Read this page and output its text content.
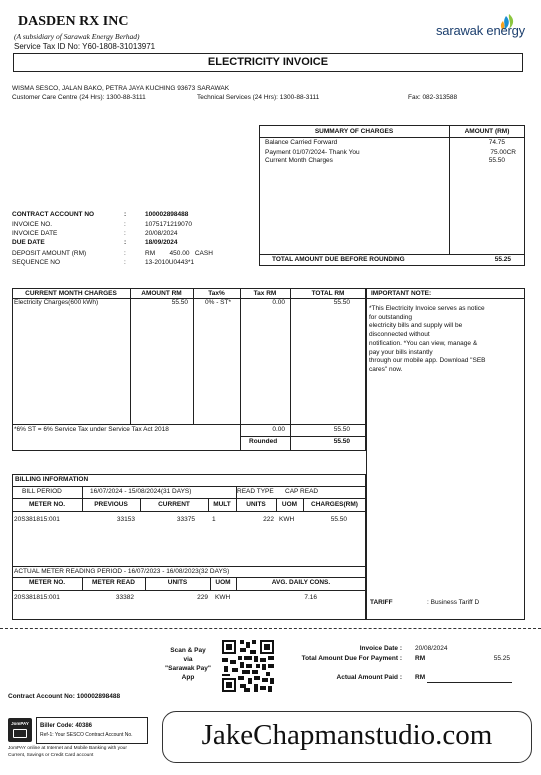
DASDEN RX INC
(A subsidiary of Sarawak Energy Berhad)
Service Tax ID No: Y60-1808-31013971
sarawak energy
ELECTRICITY INVOICE
WISMA SESCO, JALAN BAKO, PETRA JAYA KUCHING 93673 SARAWAK
Customer Care Centre (24 Hrs): 1300-88-3111	Technical Services (24 Hrs): 1300-88-3111	Fax: 082-313588
SUMMARY OF CHARGES	AMOUNT (RM)
Balance Carried Forward	74.75
Payment 01/07/2024- Thank You	75.00CR
Current Month Charges	55.50
TOTAL AMOUNT DUE BEFORE ROUNDING	55.25
CONTRACT ACCOUNT NO	:	100002898488
INVOICE NO.	:	1075171219070
INVOICE DATE	:	20/08/2024
DUE DATE	:	18/09/2024
DEPOSIT AMOUNT (RM)	:	RM        450.00   CASH
SEQUENCE NO	:	13-2010U0443*1
CURRENT MONTH CHARGES	AMOUNT RM	Tax%	Tax RM	TOTAL RM
Electricity Charges(600 kWh)	55.50	0% - ST*	0.00	55.50
*6% ST = 6% Service Tax under Service Tax Act 2018	0.00	55.50
Rounded	55.50
IMPORTANT NOTE:
*This Electricity Invoice serves as notice
for outstanding
electricity bills and supply will be
disconnected without
notification. *You can view, manage &
pay your bills instantly
through our mobile app. Download "SEB
cares" now.
BILLING INFORMATION
BILL PERIOD	16/07/2024 - 15/08/2024(31 DAYS)	READ TYPE CAP READ
METER NO.	PREVIOUS	CURRENT	MULT	UNITS	UOM	CHARGES(RM)
20S381815:001	33153	33375	1	222 KWH	55.50
ACTUAL METER READING PERIOD - 16/07/2023 - 16/08/2023(32 DAYS)
METER NO.	METER READ	UNITS	UOM	AVG. DAILY CONS.
20S381815:001	33382	229 KWH	7.16
TARIFF	: Business Tariff D
Scan & Pay
via
"Sarawak Pay"
App
Invoice Date : 20/08/2024
Total Amount Due For Payment : RM	55.25
Actual Amount Paid : RM
Contract Account No: 100002898488
JomPAY	Biller Code: 40386
Ref-1: Your SESCO Contract Account No.
JomPAY online at Internet and Mobile Banking with your
Current, Savings or Credit Card account
JakeChapmanstudio.com
